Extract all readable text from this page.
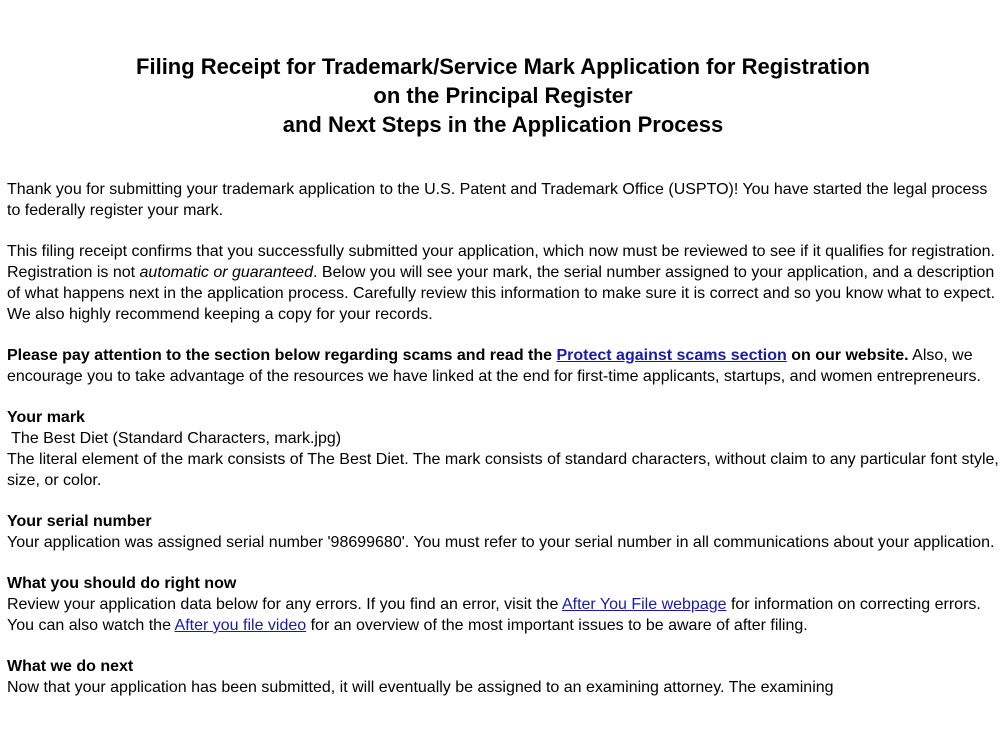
Filing Receipt for Trademark/Service Mark Application for Registration
on the Principal Register
and Next Steps in the Application Process

Thank you for submitting your trademark application to the U.S. Patent and Trademark Office (USPTO)! You have started the legal process to federally register your mark.

This filing receipt confirms that you successfully submitted your application, which now must be reviewed to see if it qualifies for registration. Registration is not automatic or guaranteed. Below you will see your mark, the serial number assigned to your application, and a description of what happens next in the application process. Carefully review this information to make sure it is correct and so you know what to expect. We also highly recommend keeping a copy for your records.

Please pay attention to the section below regarding scams and read the Protect against scams section on our website. Also, we encourage you to take advantage of the resources we have linked at the end for first-time applicants, startups, and women entrepreneurs.

Your mark
The Best Diet (Standard Characters, mark.jpg)
The literal element of the mark consists of The Best Diet. The mark consists of standard characters, without claim to any particular font style, size, or color.
Your serial number
Your application was assigned serial number '98699680'. You must refer to your serial number in all communications about your application.
What you should do right now
Review your application data below for any errors. If you find an error, visit the After You File webpage for information on correcting errors. You can also watch the After you file video for an overview of the most important issues to be aware of after filing.
What we do next
Now that your application has been submitted, it will eventually be assigned to an examining attorney. The examining
